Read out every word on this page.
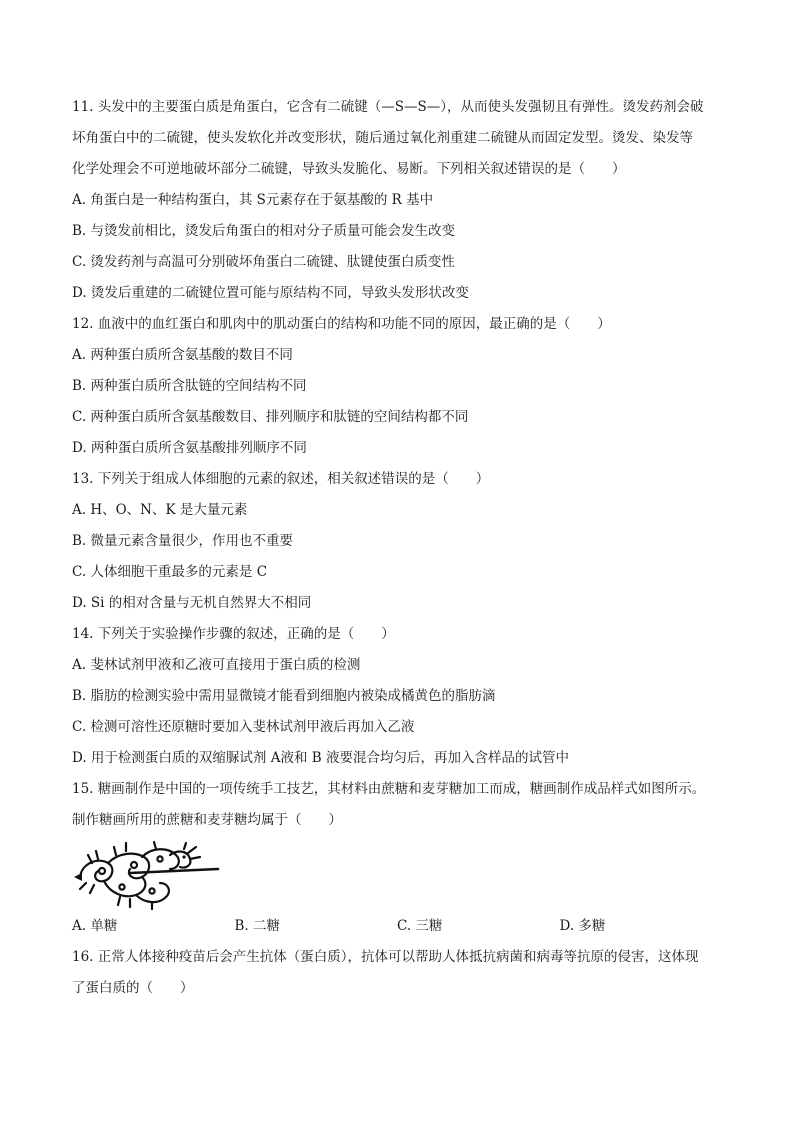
11. 头发中的主要蛋白质是角蛋白，它含有二硫键（—S—S—），从而使头发强韧且有弹性。烫发药剂会破
坏角蛋白中的二硫键，使头发软化并改变形状，随后通过氧化剂重建二硫键从而固定发型。烫发、染发等
化学处理会不可逆地破坏部分二硫键，导致头发脆化、易断。下列相关叙述错误的是（　　）
A. 角蛋白是一种结构蛋白，其 S元素存在于氨基酸的 R 基中
B. 与烫发前相比，烫发后角蛋白的相对分子质量可能会发生改变
C. 烫发药剂与高温可分别破坏角蛋白二硫键、肽键使蛋白质变性
D. 烫发后重建的二硫键位置可能与原结构不同，导致头发形状改变
12. 血液中的血红蛋白和肌肉中的肌动蛋白的结构和功能不同的原因，最正确的是（　　）
A. 两种蛋白质所含氨基酸的数目不同
B. 两种蛋白质所含肽链的空间结构不同
C. 两种蛋白质所含氨基酸数目、排列顺序和肽链的空间结构都不同
D. 两种蛋白质所含氨基酸排列顺序不同
13. 下列关于组成人体细胞的元素的叙述，相关叙述错误的是（　　）
A. H、O、N、K 是大量元素
B. 微量元素含量很少，作用也不重要
C. 人体细胞干重最多的元素是 C
D. Si 的相对含量与无机自然界大不相同
14. 下列关于实验操作步骤的叙述，正确的是（　　）
A. 斐林试剂甲液和乙液可直接用于蛋白质的检测
B. 脂肪的检测实验中需用显微镜才能看到细胞内被染成橘黄色的脂肪滴
C. 检测可溶性还原糖时要加入斐林试剂甲液后再加入乙液
D. 用于检测蛋白质的双缩脲试剂 A液和 B 液要混合均匀后，再加入含样品的试管中
15. 糖画制作是中国的一项传统手工技艺，其材料由蔗糖和麦芽糖加工而成，糖画制作成品样式如图所示。
制作糖画所用的蔗糖和麦芽糖均属于（　　）
A. 单糖	B. 二糖	C. 三糖	D. 多糖
16. 正常人体接种疫苗后会产生抗体（蛋白质），抗体可以帮助人体抵抗病菌和病毒等抗原的侵害，这体现
了蛋白质的（　　）
